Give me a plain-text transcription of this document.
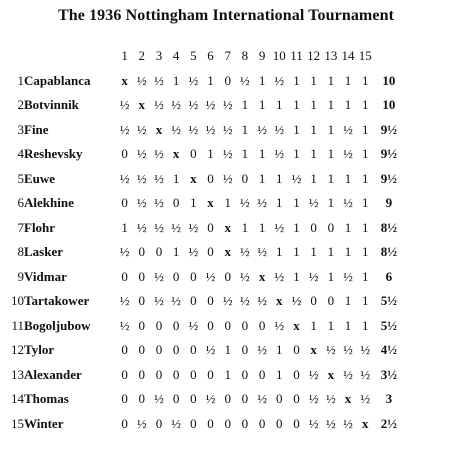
The 1936 Nottingham International Tournament
		1	2	3	4	5	6	7	8	9	10	11	12	13	14	15	
1	Capablanca	x	½	½	1	½	1	0	½	1	½	1	1	1	1	1	10
2	Botvinnik	½	x	½	½	½	½	½	1	1	1	1	1	1	1	1	10
3	Fine	½	½	x	½	½	½	½	1	½	½	1	1	1	½	1	9½
4	Reshevsky	0	½	½	x	0	1	½	1	1	½	1	1	1	½	1	9½
5	Euwe	½	½	½	1	x	0	½	0	1	1	½	1	1	1	1	9½
6	Alekhine	0	½	½	0	1	x	1	½	½	1	1	½	1	½	1	9
7	Flohr	1	½	½	½	½	0	x	1	1	½	1	0	0	1	1	8½
8	Lasker	½	0	0	1	½	0	x	½	½	1	1	1	1	1	1	8½
9	Vidmar	0	0	½	0	0	½	0	½	x	½	1	½	1	½	1	6
10	Tartakower	½	0	½	½	0	0	½	½	½	x	½	0	0	1	1	5½
11	Bogoljubow	½	0	0	0	½	0	0	0	0	½	x	1	1	1	1	5½
12	Tylor	0	0	0	0	0	½	1	0	½	1	0	x	½	½	½	4½
13	Alexander	0	0	0	0	0	0	1	0	0	1	0	½	x	½	½	3½
14	Thomas	0	0	½	0	0	½	0	0	½	0	0	½	½	x	½	3
15	Winter	0	½	0	½	0	0	0	0	0	0	0	½	½	½	x	2½
